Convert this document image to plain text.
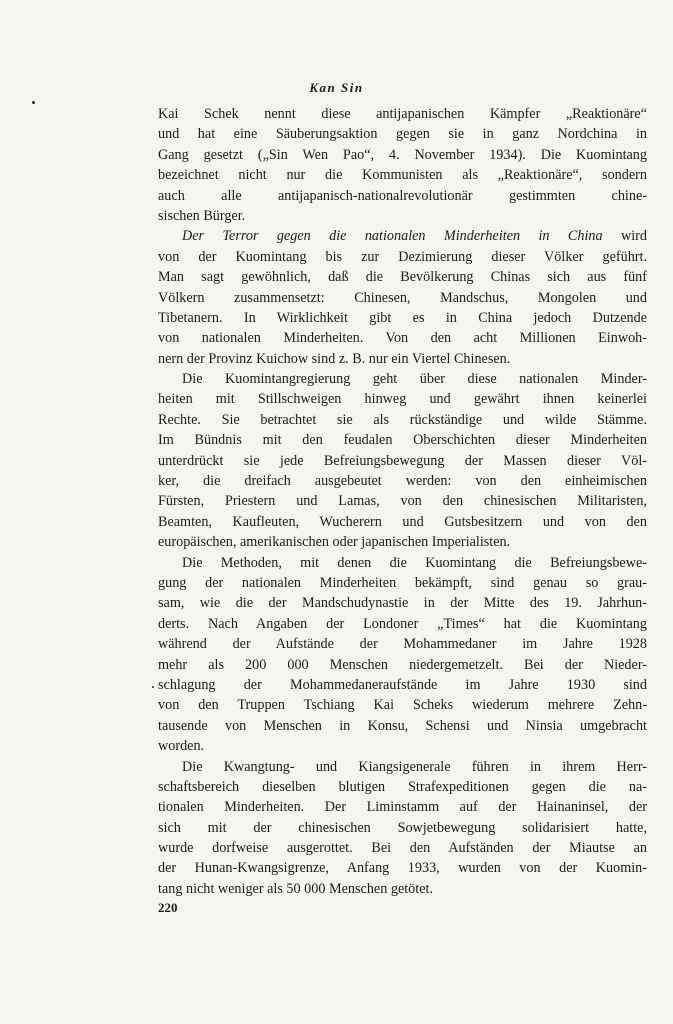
Kan Sin
Kai Schek nennt diese antijapanischen Kämpfer „Reaktionäre“
und hat eine Säuberungsaktion gegen sie in ganz Nordchina in
Gang gesetzt („Sin Wen Pao“, 4. November 1934). Die Kuomintang
bezeichnet nicht nur die Kommunisten als „Reaktionäre“, sondern
auch alle antijapanisch-nationalrevolutionär gestimmten chine-
sischen Bürger.
Der Terror gegen die nationalen Minderheiten in China wird
von der Kuomintang bis zur Dezimierung dieser Völker geführt.
Man sagt gewöhnlich, daß die Bevölkerung Chinas sich aus fünf
Völkern zusammensetzt: Chinesen, Mandschus, Mongolen und
Tibetanern. In Wirklichkeit gibt es in China jedoch Dutzende
von nationalen Minderheiten. Von den acht Millionen Einwoh-
nern der Provinz Kuichow sind z. B. nur ein Viertel Chinesen.
Die Kuomintangregierung geht über diese nationalen Minder-
heiten mit Stillschweigen hinweg und gewährt ihnen keinerlei
Rechte. Sie betrachtet sie als rückständige und wilde Stämme.
Im Bündnis mit den feudalen Oberschichten dieser Minderheiten
unterdrückt sie jede Befreiungsbewegung der Massen dieser Völ-
ker, die dreifach ausgebeutet werden: von den einheimischen
Fürsten, Priestern und Lamas, von den chinesischen Militaristen,
Beamten, Kaufleuten, Wucherern und Gutsbesitzern und von den
europäischen, amerikanischen oder japanischen Imperialisten.
Die Methoden, mit denen die Kuomintang die Befreiungsbewe-
gung der nationalen Minderheiten bekämpft, sind genau so grau-
sam, wie die der Mandschudynastie in der Mitte des 19. Jahrhun-
derts. Nach Angaben der Londoner „Times“ hat die Kuomintang
während der Aufstände der Mohammedaner im Jahre 1928
mehr als 200 000 Menschen niedergemetzelt. Bei der Nieder-
schlagung der Mohammedaneraufstände im Jahre 1930 sind
von den Truppen Tschiang Kai Scheks wiederum mehrere Zehn-
tausende von Menschen in Konsu, Schensi und Ninsia umgebracht
worden.
Die Kwangtung- und Kiangsigenerale führen in ihrem Herr-
schaftsbereich dieselben blutigen Strafexpeditionen gegen die na-
tionalen Minderheiten. Der Liminstamm auf der Hainaninsel, der
sich mit der chinesischen Sowjetbewegung solidarisiert hatte,
wurde dorfweise ausgerottet. Bei den Aufständen der Miautse an
der Hunan-Kwangsigrenze, Anfang 1933, wurden von der Kuomin-
tang nicht weniger als 50 000 Menschen getötet.
220
